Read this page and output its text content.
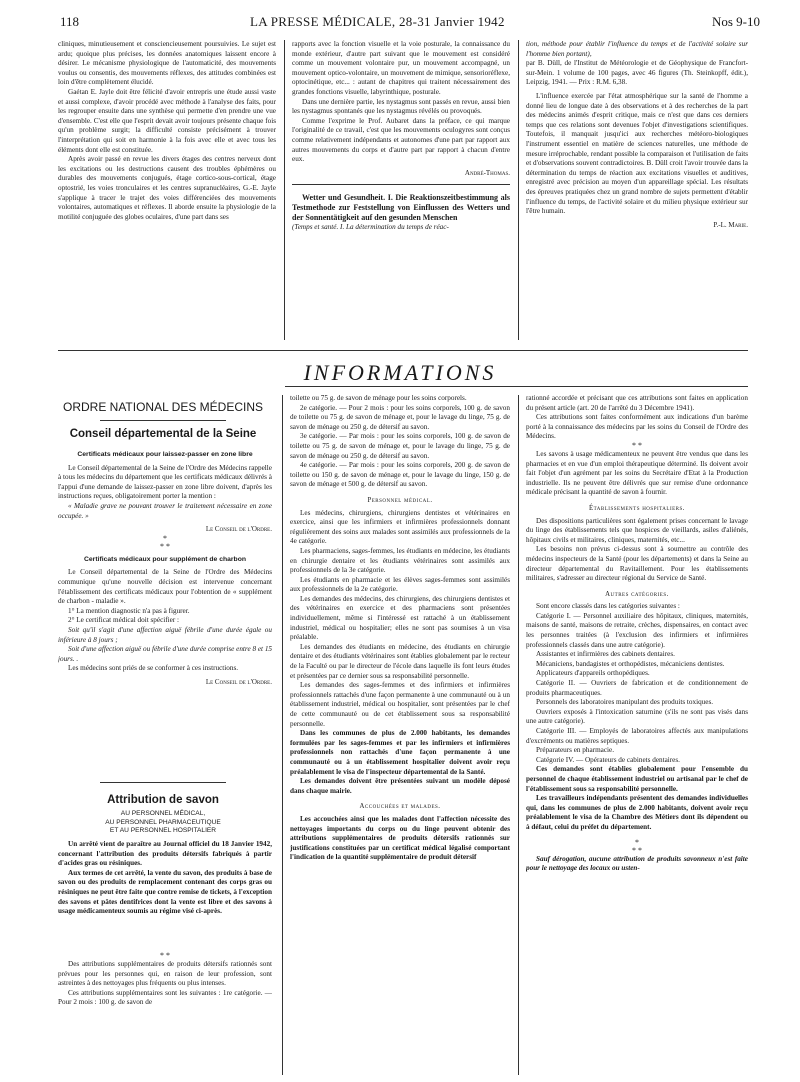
118	LA PRESSE MÉDICALE, 28-31 Janvier 1942	Nos 9-10

cliniques, minutieusement et consciencieusement poursuivies. Le sujet est ardu; quoique plus précises, les données anatomiques laissent encore à désirer. Le mécanisme physiologique de l'automaticité, des mouvements voulus ou consentis, des mouvements réflexes, des attitudes combinées est loin d'être complètement élucidé.

Gaétan E. Jayle doit être félicité d'avoir entrepris une étude aussi vaste et aussi complexe, d'avoir procédé avec méthode à l'analyse des faits, pour les regrouper ensuite dans une synthèse qui permette d'en prendre une vue d'ensemble. C'est elle que l'esprit devait avoir toujours présente chaque fois qu'un problème surgit; la difficulté consiste précisément à trouver l'interprétation qui soit en harmonie à la fois avec elle et avec tous les éléments dont elle est constituée.

Après avoir passé en revue les divers étages des centres nerveux dont les excitations ou les destructions causent des troubles éphémères ou durables des mouvements conjugués, étage cortico-sous-cortical, étage optostrié, les voies tronculaires et les centres supranucléaires, G.-E. Jayle s'applique à tracer le trajet des voies différenciées des mouvements volontaires, automatiques et réflexes. Il aborde ensuite la physiologie de la motilité conjuguée des globes oculaires, d'une part dans ses

rapports avec la fonction visuelle et la voie posturale, la connaissance du monde extérieur, d'autre part suivant que le mouvement est considéré comme un mouvement volontaire pur, un mouvement accompagné, un mouvement optico-volontaire, un mouvement de mimique, sensorioréflexe, optocinétique, etc... : autant de chapitres qui traitent nécessairement des grandes fonctions visuelle, labyrinthique, posturale.

Dans une dernière partie, les nystagmus sont passés en revue, aussi bien les nystagmus spontanés que les nystagmus révélés ou provoqués.

Comme l'exprime le Prof. Aubaret dans la préface, ce qui marque l'originalité de ce travail, c'est que les mouvements oculogyres sont conçus comme relativement indépendants et autonomes d'une part par rapport aux autres mouvements du corps et d'autre part par rapport à chacun d'entre eux.

André-Thomas.

Wetter und Gesundheit. I. Die Reaktionszeitbestimmung als Testmethode zur Feststellung von Einflussen des Wetters und der Sonnentätigkeit auf den gesunden Menschen

(Temps et santé. I. La détermination du temps de réac-

tion, méthode pour établir l'influence du temps et de l'activité solaire sur l'homme bien portant),

par B. Düll, de l'Institut de Météorologie et de Géophysique de Francfort-sur-Mein. 1 volume de 100 pages, avec 46 figures (Th. Steinkopff, édit.), Leipzig, 1941. — Prix : R.M. 6,38.

L'influence exercée par l'état atmosphérique sur la santé de l'homme a donné lieu de longue date à des observations et à des recherches de la part des médecins animés d'esprit critique, mais ce n'est que dans ces derniers temps que ces relations sont devenues l'objet d'investigations scientifiques. Toutefois, il manquait jusqu'ici aux recherches météoro-biologiques l'instrument essentiel en matière de sciences naturelles, une méthode de mesure irréprochable, rendant possible la comparaison et l'utilisation de faits et d'observations souvent contradictoires. B. Düll croit l'avoir trouvée dans la détermination du temps de réaction aux excitations visuelles et auditives, enregistré avec précision au moyen d'un appareillage spécial. Les résultats des épreuves pratiquées chez un grand nombre de sujets permettent d'établir l'influence du temps, de l'activité solaire et du milieu physique extérieur sur l'être humain.

P.-L. Marie.

INFORMATIONS
ORDRE NATIONAL DES MÉDECINS
Conseil départemental de la Seine

Certificats médicaux pour laissez-passer en zone libre

Le Conseil départemental de la Seine de l'Ordre des Médecins rappelle à tous les médecins du département que les certificats médicaux délivrés à l'appui d'une demande de laissez-passer en zone libre doivent, d'après les instructions reçues, obligatoirement porter la mention :

« Maladie grave ne pouvant trouver le traitement nécessaire en zone occupée. »

Le Conseil de l'Ordre.

*
* *

Certificats médicaux pour supplément de charbon

Le Conseil départemental de la Seine de l'Ordre des Médecins communique qu'une nouvelle décision est intervenue concernant l'établissement des certificats médicaux pour l'obtention de « supplément de charbon - maladie ».

1° La mention diagnostic n'a pas à figurer.

2° Le certificat médical doit spécifier :

Soit qu'il s'agit d'une affection aiguë fébrile d'une durée égale ou inférieure à 8 jours ;

Soit d'une affection aiguë ou fébrile d'une durée comprise entre 8 et 15 jours. .

Les médecins sont priés de se conformer à ces instructions.

Le Conseil de l'Ordre.

Attribution de savon
AU PERSONNEL MÉDICAL,
AU PERSONNEL PHARMACEUTIQUE
ET AU PERSONNEL HOSPITALIER

Un arrêté vient de paraître au Journal officiel du 18 Janvier 1942, concernant l'attribution des produits détersifs fabriqués à partir d'acides gras ou résiniques.

Aux termes de cet arrêté, la vente du savon, des produits à base de savon ou des produits de remplacement contenant des corps gras ou résiniques ne peut être faite que contre remise de tickets, à l'exception des savons et pâtes dentifrices dont la vente est libre et des savons à usage médicamenteux soumis au régime visé ci-après.

* *

Des attributions supplémentaires de produits détersifs rationnés sont prévues pour les personnes qui, en raison de leur profession, sont astreintes à des nettoyages plus fréquents ou plus intenses.

Ces attributions supplémentaires sont les suivantes : 1re catégorie. — Pour 2 mois : 100 g. de savon de

toilette ou 75 g. de savon de ménage pour les soins corporels.

2e catégorie. — Pour 2 mois : pour les soins corporels, 100 g. de savon de toilette ou 75 g. de savon de ménage et, pour le lavage du linge, 75 g. de savon de ménage ou 250 g. de détersif au savon.

3e catégorie. — Par mois : pour les soins corporels, 100 g. de savon de toilette ou 75 g. de savon de ménage et, pour le lavage du linge, 75 g. de savon de ménage ou 250 g. de détersif au savon.

4e catégorie. — Par mois : pour les soins corporels, 200 g. de savon de toilette ou 150 g. de savon de ménage et, pour le lavage du linge, 150 g. de savon de ménage et 500 g. de détersif au savon.

Personnel médical.

Les médecins, chirurgiens, chirurgiens dentistes et vétérinaires en exercice, ainsi que les infirmiers et infirmières professionnels donnant régulièrement des soins aux malades sont assimilés aux professionnels de la 4e catégorie.

Les pharmaciens, sages-femmes, les étudiants en médecine, les étudiants en chirurgie dentaire et les étudiants vétérinaires sont assimilés aux professionnels de la 3e catégorie.

Les étudiants en pharmacie et les élèves sages-femmes sont assimilés aux professionnels de la 2e catégorie.

Les demandes des médecins, des chirurgiens, des chirurgiens dentistes et des vétérinaires en exercice et des pharmaciens sont présentées individuellement, même si l'intéressé est rattaché à un établissement industriel, médical ou hospitalier; elles ne sont pas soumises à un visa préalable.

Les demandes des étudiants en médecine, des étudiants en chirurgie dentaire et des étudiants vétérinaires sont établies globalement par le recteur de la Faculté ou par le directeur de l'école dans laquelle ils font leurs études et présentées par ce dernier sous sa responsabilité personnelle.

Les demandes des sages-femmes et des infirmiers et infirmières professionnels rattachés d'une façon permanente à une communauté ou à un établissement industriel, médical ou hospitalier, sont présentées par le chef de cette communauté ou de cet établissement sous sa responsabilité personnelle.

Dans les communes de plus de 2.000 habitants, les demandes formulées par les sages-femmes et par les infirmiers et infirmières professionnels non rattachés d'une façon permanente à une communauté ou à un établissement hospitalier doivent avoir reçu préalablement le visa de l'inspecteur départemental de la Santé.

Les demandes doivent être présentées suivant un modèle déposé dans chaque mairie.

Accouchées et malades.

Les accouchées ainsi que les malades dont l'affection nécessite des nettoyages importants du corps ou du linge peuvent obtenir des attributions supplémentaires de produits détersifs rationnés sur justifications constituées par un certificat médical légalisé comportant l'indication de la quantité supplémentaire de produit détersif

rationné accordée et précisant que ces attributions sont faites en application du présent article (art. 20 de l'arrêté du 3 Décembre 1941).

Ces attributions sont faites conformément aux indications d'un barème porté à la connaissance des médecins par les soins du Conseil de l'Ordre des Médecins.

* *

Les savons à usage médicamenteux ne peuvent être vendus que dans les pharmacies et en vue d'un emploi thérapeutique déterminé. Ils doivent avoir fait l'objet d'un agrément par les soins du Secrétaire d'Etat à la Production industrielle. Ils ne peuvent être délivrés que sur remise d'une ordonnance médicale précisant la quantité de savon à fournir.

Établissements hospitaliers.

Des dispositions particulières sont également prises concernant le lavage du linge des établissements tels que hospices de vieillards, asiles d'aliénés, hôpitaux civils et militaires, cliniques, maternités, etc...

Les besoins non prévus ci-dessus sont à soumettre au contrôle des médecins inspecteurs de la Santé (pour les départements) et dans la Seine au directeur départemental du Ravitaillement. Pour les établissements militaires, s'adresser au directeur régional du Service de Santé.

Autres catégories.

Sont encore classés dans les catégories suivantes :

Catégorie I. — Personnel auxiliaire des hôpitaux, cliniques, maternités, maisons de santé, maisons de retraite, crèches, dispensaires, en contact avec les personnes traitées (à l'exclusion des infirmiers et infirmières professionnels classés dans une autre catégorie).

Assistantes et infirmières des cabinets dentaires.

Mécaniciens, bandagistes et orthopédistes, mécaniciens dentistes.

Applicateurs d'appareils orthopédiques.

Catégorie II. — Ouvriers de fabrication et de conditionnement de produits pharmaceutiques.

Personnels des laboratoires manipulant des produits toxiques.

Ouvriers exposés à l'intoxication saturnine (s'ils ne sont pas visés dans une autre catégorie).

Catégorie III. — Employés de laboratoires affectés aux manipulations d'excréments ou matières septiques.

Préparateurs en pharmacie.

Catégorie IV. — Opérateurs de cabinets dentaires.

Ces demandes sont établies globalement pour l'ensemble du personnel de chaque établissement industriel ou artisanal par le chef de l'établissement sous sa responsabilité personnelle.

Les travailleurs indépendants présentent des demandes individuelles qui, dans les communes de plus de 2.000 habitants, doivent avoir reçu préalablement le visa de la Chambre des Métiers dont ils dépendent ou à défaut, celui du préfet du département.

*
* *

Sauf dérogation, aucune attribution de produits savonneux n'est faite pour le nettoyage des locaux ou usten-
